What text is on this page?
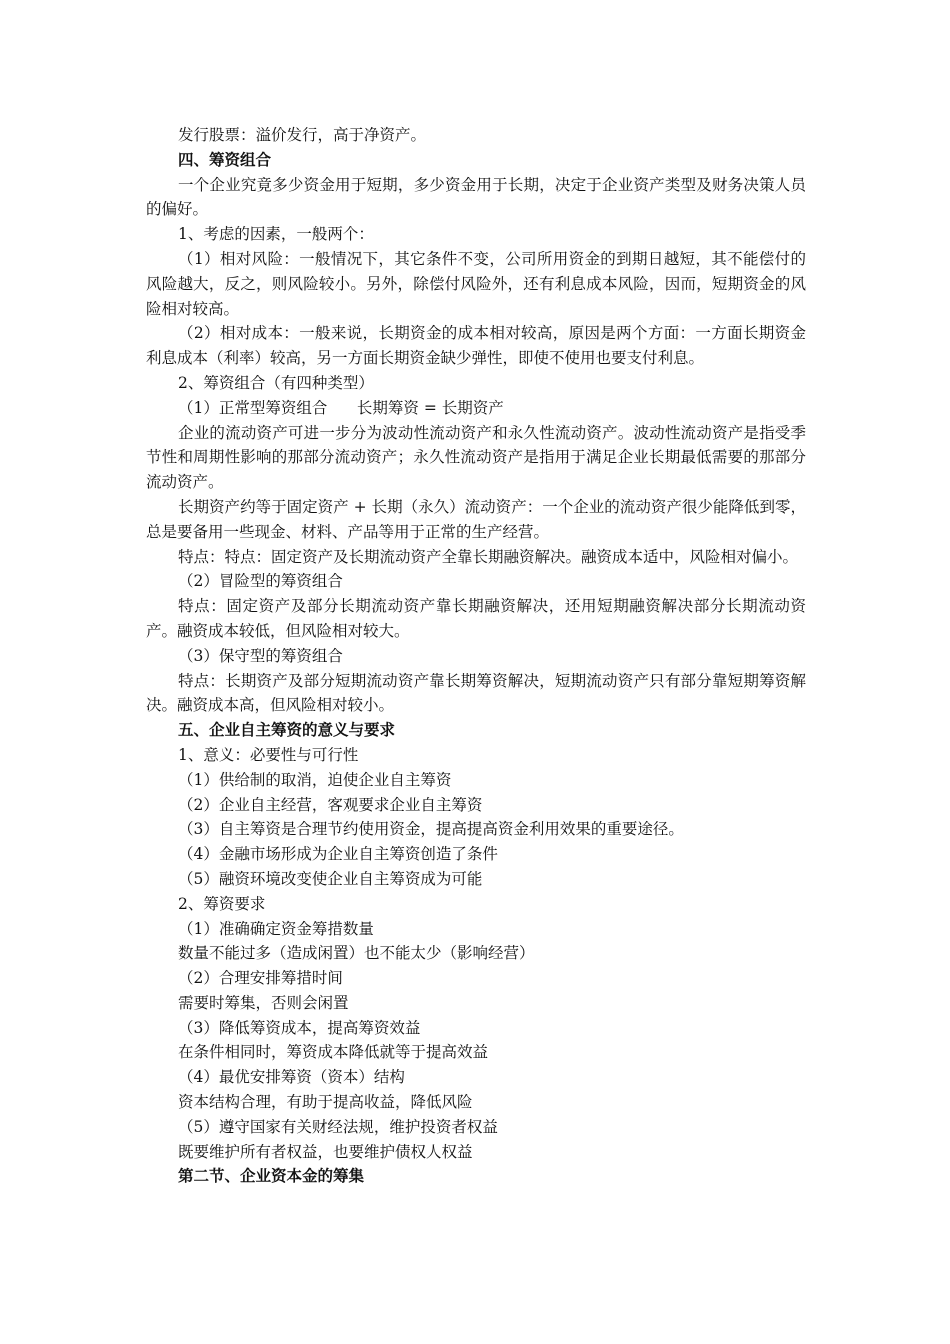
发行股票：溢价发行，高于净资产。

四、筹资组合

一个企业究竟多少资金用于短期，多少资金用于长期，决定于企业资产类型及财务决策人员的偏好。

1、考虑的因素，一般两个：

（1）相对风险：一般情况下，其它条件不变，公司所用资金的到期日越短，其不能偿付的风险越大，反之，则风险较小。另外，除偿付风险外，还有利息成本风险，因而，短期资金的风险相对较高。

（2）相对成本：一般来说，长期资金的成本相对较高，原因是两个方面：一方面长期资金利息成本（利率）较高，另一方面长期资金缺少弹性，即使不使用也要支付利息。

2、筹资组合（有四种类型）

（1）正常型筹资组合      长期筹资 = 长期资产

企业的流动资产可进一步分为波动性流动资产和永久性流动资产。波动性流动资产是指受季节性和周期性影响的那部分流动资产；永久性流动资产是指用于满足企业长期最低需要的那部分流动资产。

长期资产约等于固定资产 + 长期（永久）流动资产：一个企业的流动资产很少能降低到零，总是要备用一些现金、材料、产品等用于正常的生产经营。

特点：特点：固定资产及长期流动资产全靠长期融资解决。融资成本适中，风险相对偏小。

（2）冒险型的筹资组合

特点：固定资产及部分长期流动资产靠长期融资解决，还用短期融资解决部分长期流动资产。融资成本较低，但风险相对较大。

（3）保守型的筹资组合

特点：长期资产及部分短期流动资产靠长期筹资解决，短期流动资产只有部分靠短期筹资解决。融资成本高，但风险相对较小。

五、企业自主筹资的意义与要求

1、意义：必要性与可行性

（1）供给制的取消，迫使企业自主筹资

（2）企业自主经营，客观要求企业自主筹资

（3）自主筹资是合理节约使用资金，提高提高资金利用效果的重要途径。

（4）金融市场形成为企业自主筹资创造了条件

（5）融资环境改变使企业自主筹资成为可能

2、筹资要求

（1）准确确定资金筹措数量

数量不能过多（造成闲置）也不能太少（影响经营）

（2）合理安排筹措时间

需要时筹集，否则会闲置

（3）降低筹资成本，提高筹资效益

在条件相同时，筹资成本降低就等于提高效益

（4）最优安排筹资（资本）结构

资本结构合理，有助于提高收益，降低风险

（5）遵守国家有关财经法规，维护投资者权益

既要维护所有者权益，也要维护债权人权益

第二节、企业资本金的筹集
